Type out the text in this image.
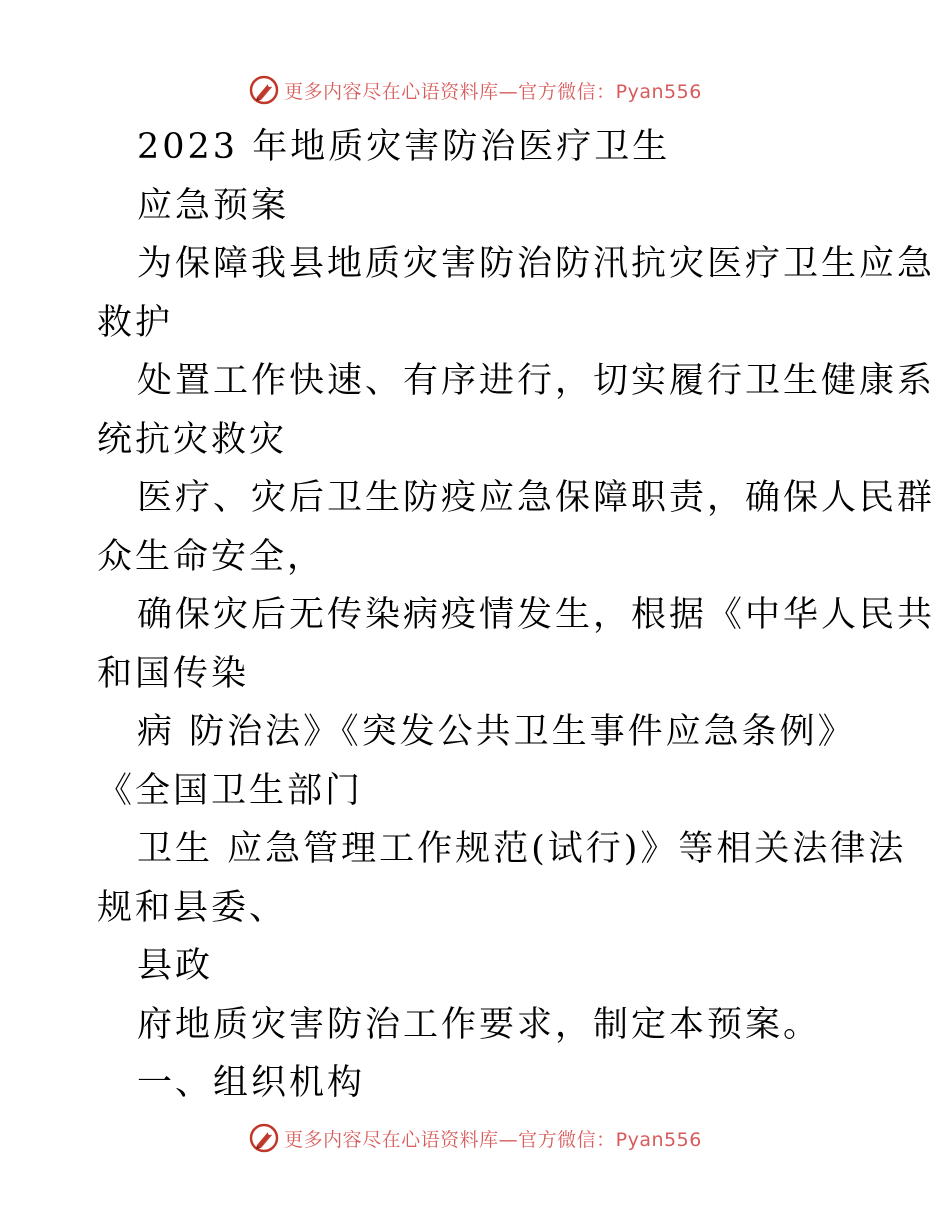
更多内容尽在心语资料库—官方微信：Pyan556
2023 年地质灾害防治医疗卫生
应急预案
为保障我县地质灾害防治防汛抗灾医疗卫生应急
救护
处置工作快速、有序进行，切实履行卫生健康系
统抗灾救灾
医疗、灾后卫生防疫应急保障职责，确保人民群
众生命安全，
确保灾后无传染病疫情发生，根据《中华人民共
和国传染
病 防治法》《突发公共卫生事件应急条例》
《全国卫生部门
卫生 应急管理工作规范(试行)》等相关法律法
规和县委、
县政
府地质灾害防治工作要求，制定本预案。
一、组织机构
更多内容尽在心语资料库—官方微信：Pyan556
